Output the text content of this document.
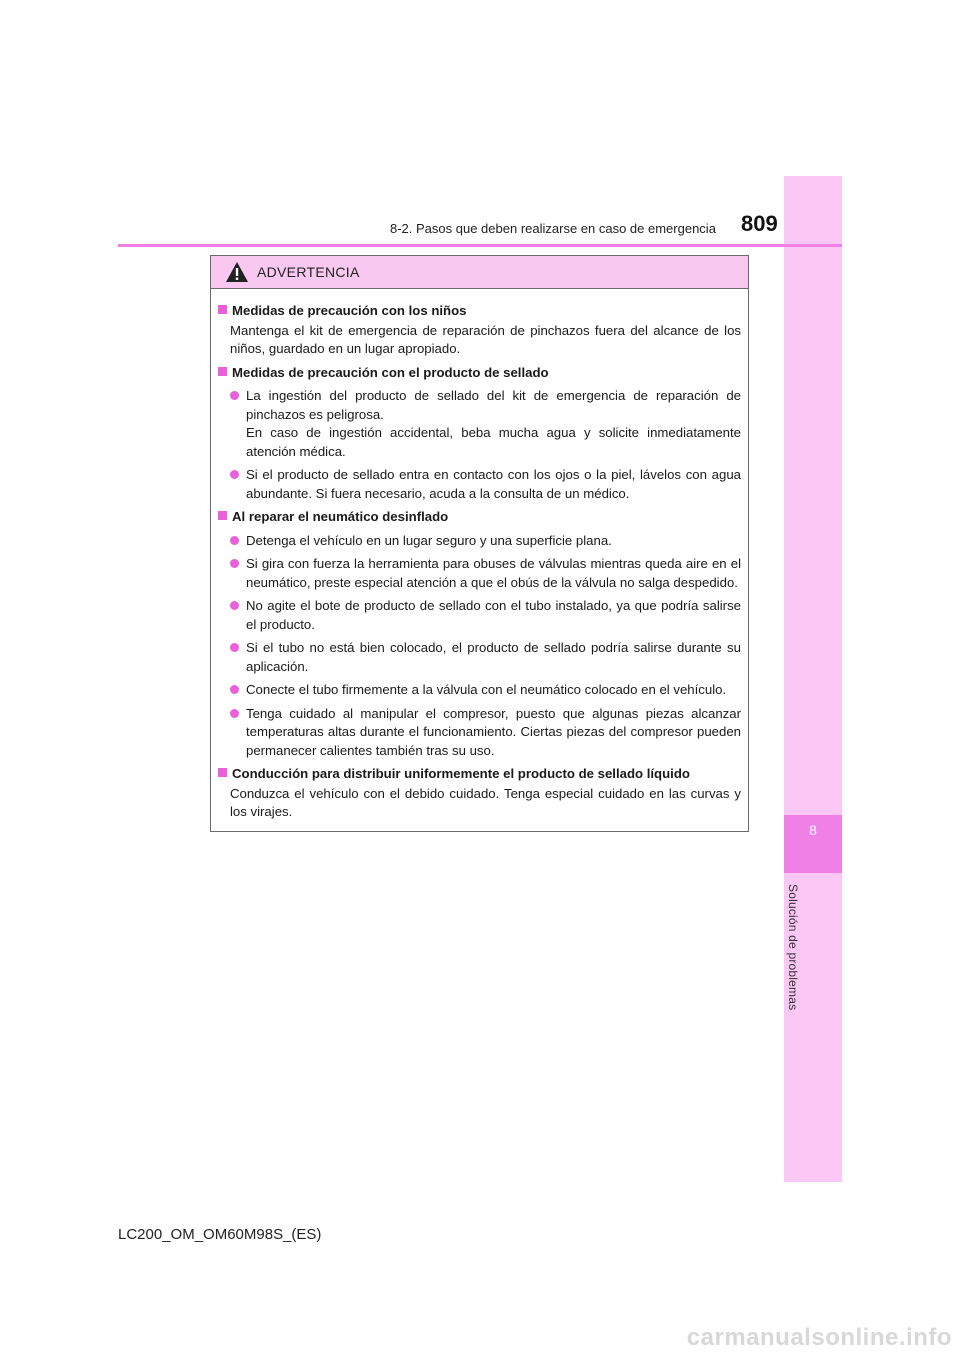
8
Solución de problemas
8-2. Pasos que deben realizarse en caso de emergencia 809
ADVERTENCIA
Medidas de precaución con los niños
Mantenga el kit de emergencia de reparación de pinchazos fuera del alcance de los niños, guardado en un lugar apropiado.
Medidas de precaución con el producto de sellado

La ingestión del producto de sellado del kit de emergencia de reparación de pinchazos es peligrosa.

En caso de ingestión accidental, beba mucha agua y solicite inmediatamente atención médica.

Si el producto de sellado entra en contacto con los ojos o la piel, lávelos con agua abundante. Si fuera necesario, acuda a la consulta de un médico.
Al reparar el neumático desinflado
Detenga el vehículo en un lugar seguro y una superficie plana.
Si gira con fuerza la herramienta para obuses de válvulas mientras queda aire en el neumático, preste especial atención a que el obús de la válvula no salga despedido.
No agite el bote de producto de sellado con el tubo instalado, ya que podría salirse el producto.
Si el tubo no está bien colocado, el producto de sellado podría salirse durante su aplicación.
Conecte el tubo firmemente a la válvula con el neumático colocado en el vehículo.
Tenga cuidado al manipular el compresor, puesto que algunas piezas alcanzar temperaturas altas durante el funcionamiento. Ciertas piezas del compresor pueden permanecer calientes también tras su uso.
Conducción para distribuir uniformemente el producto de sellado líquido
Conduzca el vehículo con el debido cuidado. Tenga especial cuidado en las curvas y los virajes.
LC200_OM_OM60M98S_(ES)
carmanualsonline.info
